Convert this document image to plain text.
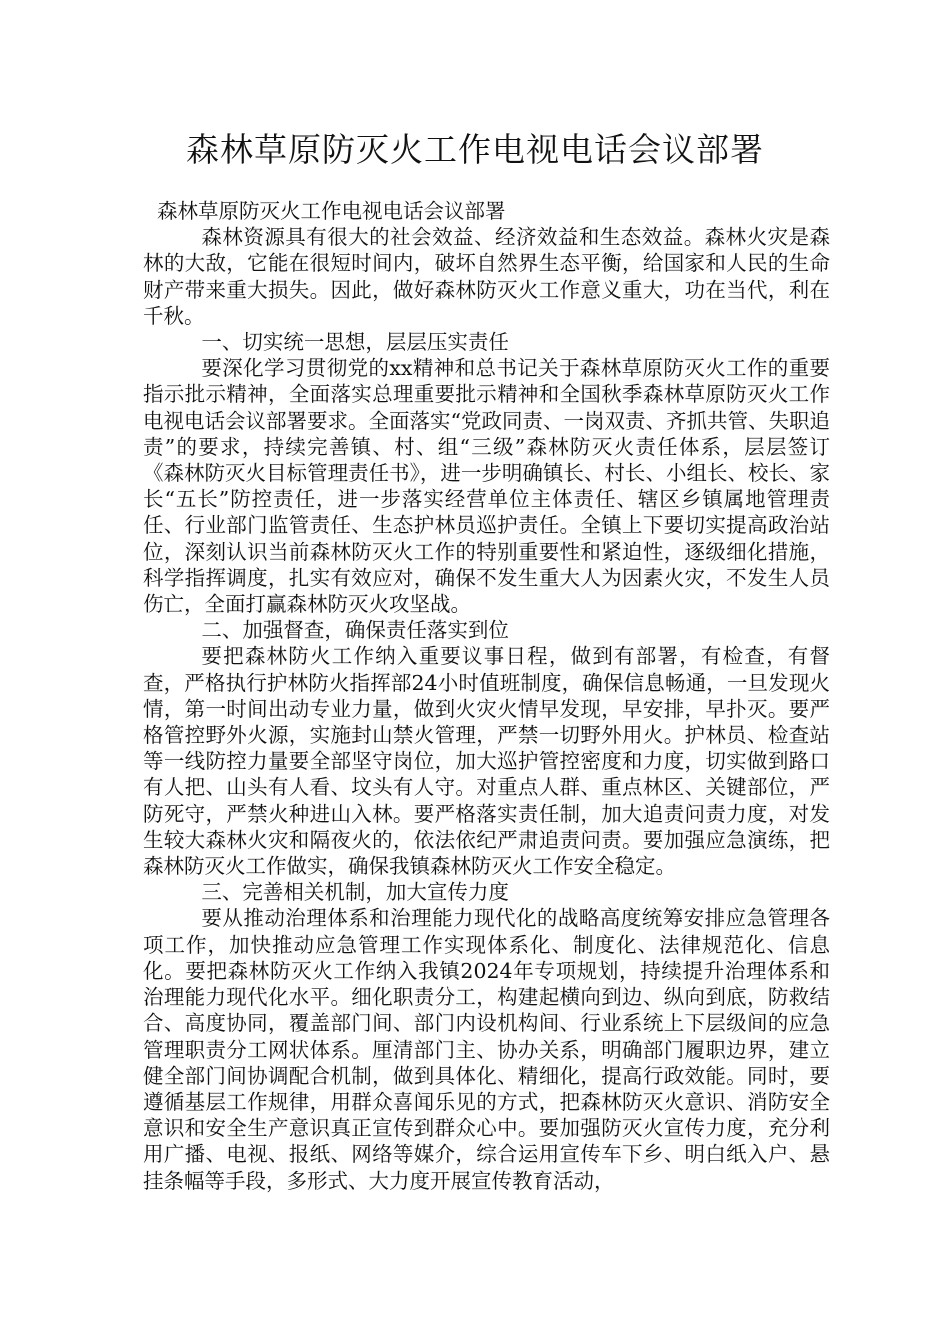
森林草原防灭火工作电视电话会议部署

森林草原防灭火工作电视电话会议部署

森林资源具有很大的社会效益、经济效益和生态效益。森林火灾是森林的大敌，它能在很短时间内，破坏自然界生态平衡，给国家和人民的生命财产带来重大损失。因此，做好森林防灭火工作意义重大，功在当代，利在千秋。

一、切实统一思想，层层压实责任

要深化学习贯彻党的xx精神和总书记关于森林草原防灭火工作的重要指示批示精神，全面落实总理重要批示精神和全国秋季森林草原防灭火工作电视电话会议部署要求。全面落实“党政同责、一岗双责、齐抓共管、失职追责”的要求，持续完善镇、村、组“三级”森林防灭火责任体系，层层签订《森林防灭火目标管理责任书》，进一步明确镇长、村长、小组长、校长、家长“五长”防控责任，进一步落实经营单位主体责任、辖区乡镇属地管理责任、行业部门监管责任、生态护林员巡护责任。全镇上下要切实提高政治站位，深刻认识当前森林防灭火工作的特别重要性和紧迫性，逐级细化措施，科学指挥调度，扎实有效应对，确保不发生重大人为因素火灾，不发生人员伤亡，全面打赢森林防灭火攻坚战。

二、加强督查，确保责任落实到位

要把森林防火工作纳入重要议事日程，做到有部署，有检查，有督查，严格执行护林防火指挥部24小时值班制度，确保信息畅通，一旦发现火情，第一时间出动专业力量，做到火灾火情早发现，早安排，早扑灭。要严格管控野外火源，实施封山禁火管理，严禁一切野外用火。护林员、检查站等一线防控力量要全部坚守岗位，加大巡护管控密度和力度，切实做到路口有人把、山头有人看、坟头有人守。对重点人群、重点林区、关键部位，严防死守，严禁火种进山入林。要严格落实责任制，加大追责问责力度，对发生较大森林火灾和隔夜火的，依法依纪严肃追责问责。要加强应急演练，把森林防灭火工作做实，确保我镇森林防灭火工作安全稳定。

三、完善相关机制，加大宣传力度

要从推动治理体系和治理能力现代化的战略高度统筹安排应急管理各项工作，加快推动应急管理工作实现体系化、制度化、法律规范化、信息化。要把森林防灭火工作纳入我镇2024年专项规划，持续提升治理体系和治理能力现代化水平。细化职责分工，构建起横向到边、纵向到底，防救结合、高度协同，覆盖部门间、部门内设机构间、行业系统上下层级间的应急管理职责分工网状体系。厘清部门主、协办关系，明确部门履职边界，建立健全部门间协调配合机制，做到具体化、精细化，提高行政效能。同时，要遵循基层工作规律，用群众喜闻乐见的方式，把森林防灭火意识、消防安全意识和安全生产意识真正宣传到群众心中。要加强防灭火宣传力度，充分利用广播、电视、报纸、网络等媒介，综合运用宣传车下乡、明白纸入户、悬挂条幅等手段，多形式、大力度开展宣传教育活动，
